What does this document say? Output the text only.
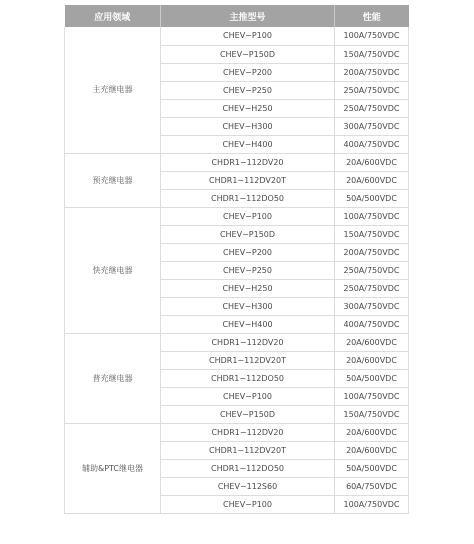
应用领域	主推型号	性能
主充继电器	CHEV−P100	100A/750VDC
	CHEV−P150D	150A/750VDC
	CHEV−P200	200A/750VDC
	CHEV−P250	250A/750VDC
	CHEV−H250	250A/750VDC
	CHEV−H300	300A/750VDC
	CHEV−H400	400A/750VDC
预充继电器	CHDR1−112DV20	20A/600VDC
	CHDR1−112DV20T	20A/600VDC
	CHDR1−112DO50	50A/500VDC
快充继电器	CHEV−P100	100A/750VDC
	CHEV−P150D	150A/750VDC
	CHEV−P200	200A/750VDC
	CHEV−P250	250A/750VDC
	CHEV−H250	250A/750VDC
	CHEV−H300	300A/750VDC
	CHEV−H400	400A/750VDC
普充继电器	CHDR1−112DV20	20A/600VDC
	CHDR1−112DV20T	20A/600VDC
	CHDR1−112DO50	50A/500VDC
	CHEV−P100	100A/750VDC
	CHEV−P150D	150A/750VDC
辅助&PTC继电器	CHDR1−112DV20	20A/600VDC
	CHDR1−112DV20T	20A/600VDC
	CHDR1−112DO50	50A/500VDC
	CHEV−112S60	60A/750VDC
	CHEV−P100	100A/750VDC
